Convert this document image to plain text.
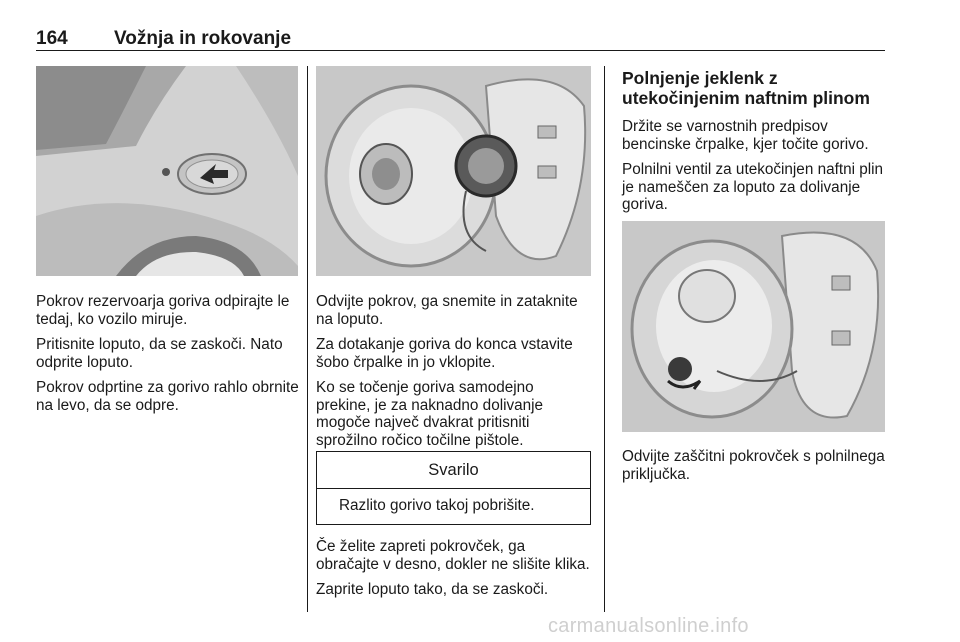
164 Vožnja in rokovanje

Pokrov rezervoarja goriva odpirajte le tedaj, ko vozilo miruje.

Pritisnite loputo, da se zaskoči. Nato odprite loputo.

Pokrov odprtine za gorivo rahlo obrnite na levo, da se odpre.

Odvijte pokrov, ga snemite in zataknite na loputo.

Za dotakanje goriva do konca vstavite šobo črpalke in jo vklopite.

Ko se točenje goriva samodejno prekine, je za naknadno dolivanje mogoče največ dvakrat pritisniti sprožilno ročico točilne pištole.

Svarilo
Razlito gorivo takoj pobrišite.

Če želite zapreti pokrovček, ga obračajte v desno, dokler ne slišite klika.

Zaprite loputo tako, da se zaskoči.

Polnjenje jeklenk z utekočinjenim naftnim plinom

Držite se varnostnih predpisov bencinske črpalke, kjer točite gorivo.

Polnilni ventil za utekočinjen naftni plin je nameščen za loputo za dolivanje goriva.

Odvijte zaščitni pokrovček s polnilnega priključka.

carmanualsonline.info
